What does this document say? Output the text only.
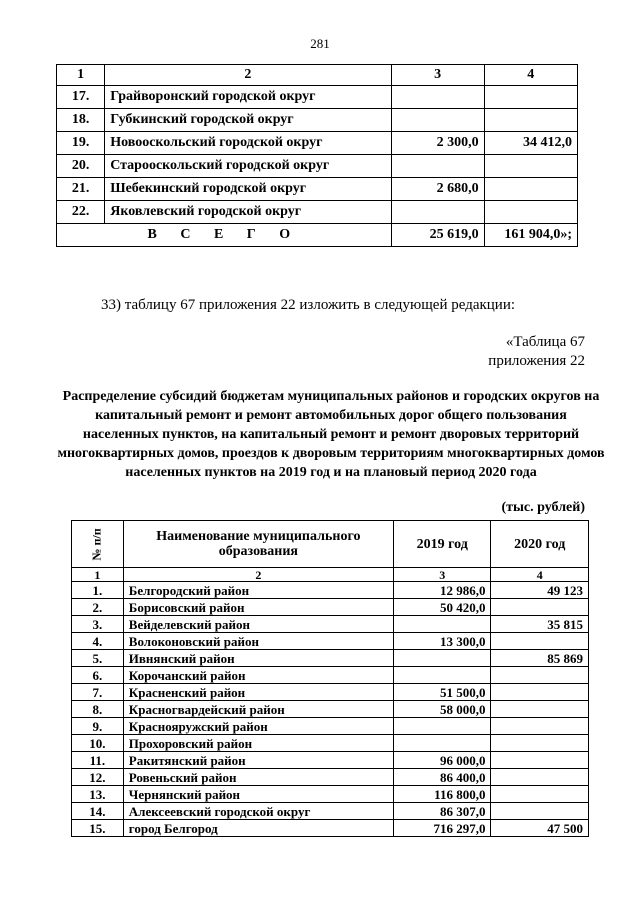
281
1	2	3	4
17.	Грайворонский городской округ		
18.	Губкинский городской округ		
19.	Новооскольский городской округ	2 300,0	34 412,0
20.	Старооскольский городской округ		
21.	Шебекинский городской округ	2 680,0	
22.	Яковлевский городской округ		
В С Е Г О		25 619,0	161 904,0»;
33) таблицу 67 приложения 22 изложить в следующей редакции:
«Таблица 67
приложения 22
Распределение субсидий бюджетам муниципальных районов и городских округов на капитальный ремонт и ремонт автомобильных дорог общего пользования населенных пунктов, на капитальный ремонт и ремонт дворовых территорий многоквартирных домов, проездов к дворовым территориям многоквартирных домов населенных пунктов на 2019 год и на плановый период 2020 года
(тыс. рублей)
№ п/п	Наименование муниципального образования	2019 год	2020 год
1	2	3	4
1.	Белгородский район	12 986,0	49 123
2.	Борисовский район	50 420,0	
3.	Вейделевский район		35 815
4.	Волоконовский район	13 300,0	
5.	Ивнянский район		85 869
6.	Корочанский район		
7.	Красненский район	51 500,0	
8.	Красногвардейский район	58 000,0	
9.	Краснояружский район		
10.	Прохоровский район		
11.	Ракитянский район	96 000,0	
12.	Ровеньский район	86 400,0	
13.	Чернянский район	116 800,0	
14.	Алексеевский городской округ	86 307,0	
15.	город Белгород	716 297,0	47 500
